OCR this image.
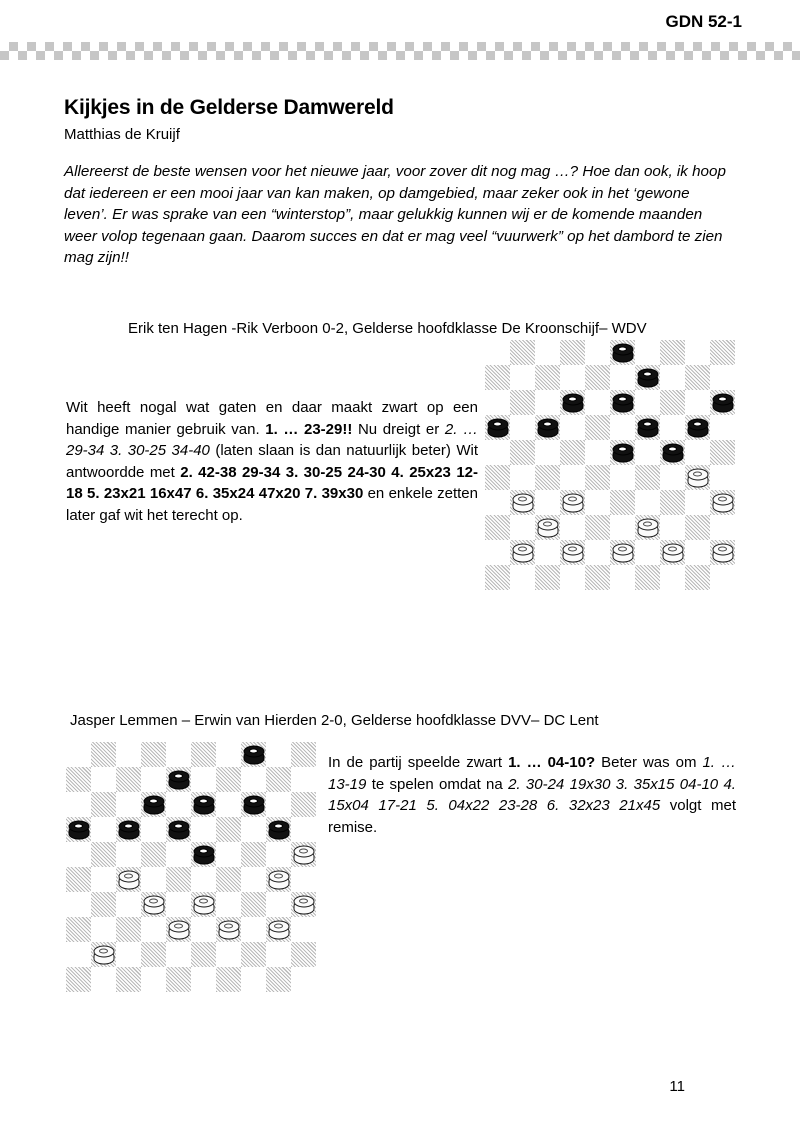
GDN 52-1
Kijkjes in de Gelderse Damwereld
Matthias de Kruijf
Allereerst de beste wensen voor het nieuwe jaar, voor zover dit nog mag …? Hoe dan ook, ik hoop dat iedereen er een mooi jaar van kan maken, op damgebied, maar zeker ook in het ‘gewone leven’. Er was sprake van een “winterstop”, maar gelukkig kunnen wij er de komende maanden weer volop tegenaan gaan. Daarom succes en dat er mag veel “vuurwerk” op het dambord te zien mag zijn!!
Erik ten Hagen -Rik Verboon 0-2, Gelderse hoofdklasse De Kroonschijf– WDV
Wit heeft nogal wat gaten en daar maakt zwart op een handige manier gebruik van. 1. … 23-29!! Nu dreigt er 2. … 29-34 3. 30-25 34-40 (laten slaan is dan natuurlijk beter) Wit antwoordde met 2. 42-38 29-34 3. 30-25 24-30 4. 25x23 12-18 5. 23x21 16x47 6. 35x24 47x20 7. 39x30 en enkele zetten later gaf wit het terecht op.
Jasper Lemmen – Erwin van Hierden 2-0, Gelderse hoofdklasse DVV– DC Lent
In de partij speelde zwart 1. … 04-10? Beter was om 1. … 13-19 te spelen omdat na 2. 30-24 19x30 3. 35x15 04-10 4. 15x04 17-21 5. 04x22 23-28 6. 32x23 21x45 volgt met remise.
11
